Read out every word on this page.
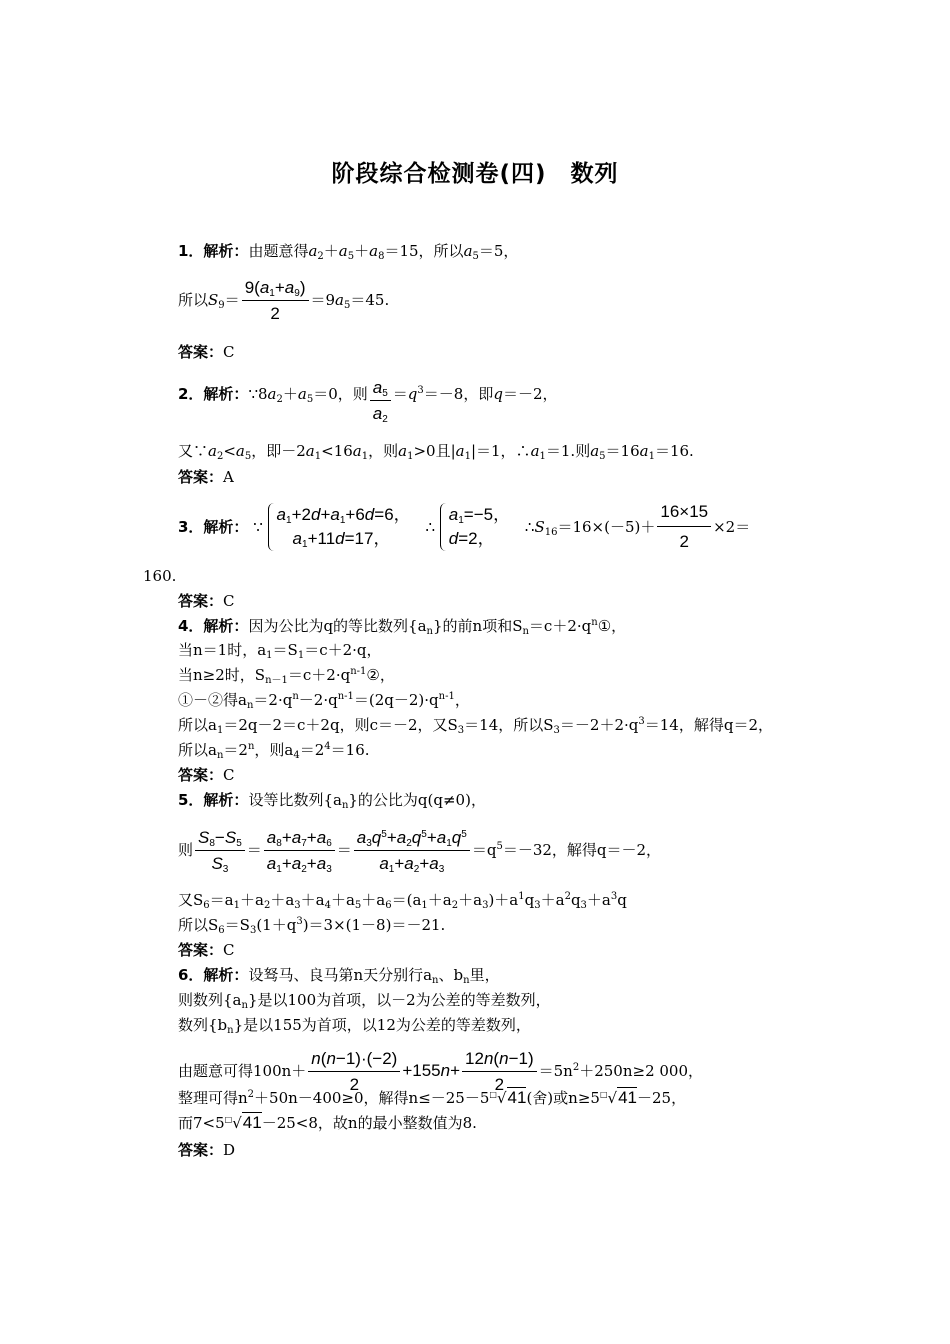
阶段综合检测卷(四)　数列
1．解析：由题意得$a_2+a_5+a_8=15$，所以$a_5=5$，
所以$S_9= \frac{9(a_1+a_9)}{2} =9a_5=45$.
答案：C
2．解析：$\because 8a_2+a_5=0$，则 $\frac{a_5}{a_2} =q^3=-8$，即q＝－2，
又$\because a_2<a_5$，即$-2a_1<16a_1$，则$a_1>0$且$|a_1|=1$，$\therefore a_1=1$.则$a_5=16a_1=16$.
答案：A
3．解析： ∵
$a_1+2d+a_1+6d=6$，
$a_1+11d=17$，
∴
$a_1=-5$，
d=2，
$\therefore S_{16}=16\times(-5)+ \frac{16\times 15}{2} \times 2=$
160.
答案：C
4．解析：因为公比为q的等比数列$\{a_n\}$的前n项和$S_n=c+2\cdot q^n①$，
当n＝1时，$a_1=S_1=c+2\cdot q$，
当n≥2时，$S_{n-1}=c+2\cdot q^{n-1}②$，
①－②得$a_n=2\cdot q^n-2\cdot q^{n-1}=(2q-2)\cdot q^{n-1}$，
所以$a_1=2q-2=c+2q$，则c＝－2，又$S_3=14$，所以$S_3=-2+2\cdot q^3=14$，解得q＝2，
所以$a_n=2^n$，则$a_4=2^4=16$.
答案：C
5．解析：设等比数列$\{a_n\}$的公比为q(q≠0)，
则 $\frac{S_8-S_5}{S_3} = \frac{a_8+a_7+a_6}{a_1+a_2+a_3} = \frac{a_3q^5+a_2q^5+a_1q^5}{a_1+a_2+a_3} =q^5=-32$，解得q＝－2，
又$S_6=a_1+a_2+a_3+a_4+a_5+a_6=(a_1+a_2+a_3)+a^1q_3+a^2q_3+a^3q$
所以$S_6=S_3(1+q^3)=3\times(1-8)=-21$.
答案：C
6．解析：设驽马、良马第n天分别行$a_n$、$b_n$里，
则数列$\{a_n\}$是以100为首项，以－2为公差的等差数列，
数列$\{b_n\}$是以155为首项，以12为公差的等差数列，
由题意可得$100n+ \frac{n(n-1)\cdot(-2)}{2} +155n+ \frac{12n(n-1)}{2} =5n^2+250n\ge 2$ 000，
整理可得$n^2+50n-400\ge 0$，解得n≤－25－5□√41(舍)或n≥5□√41－25，
而7<5□√41－25<8，故n的最小整数值为8.
答案：D
